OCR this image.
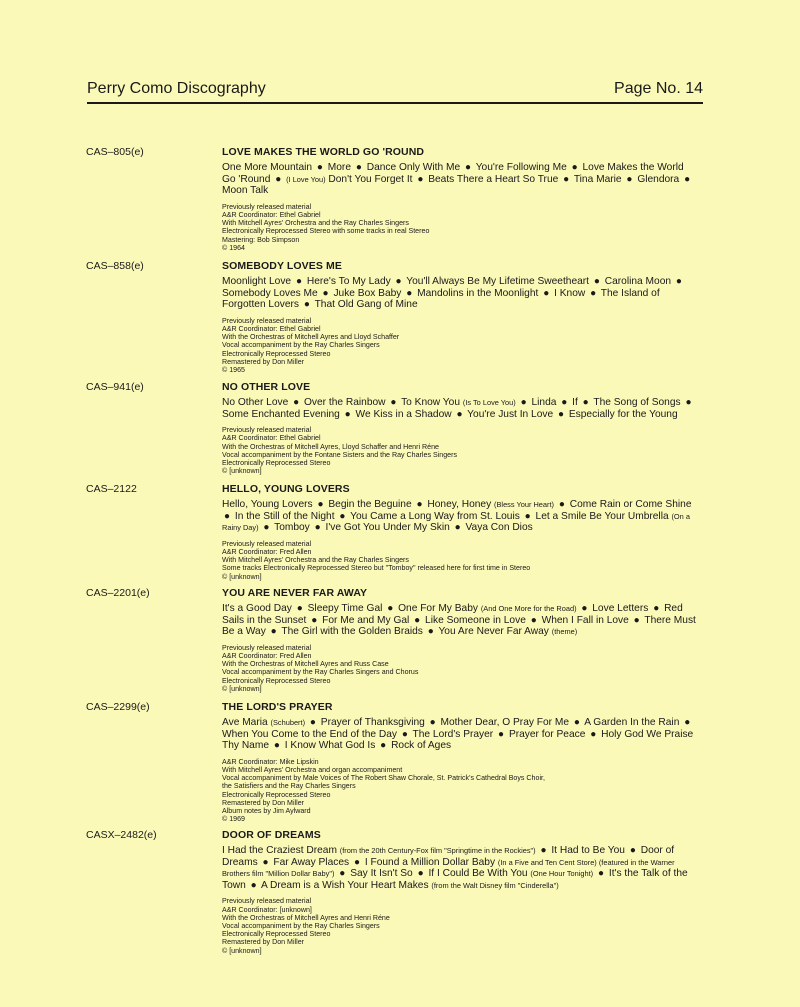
Perry Como Discography	Page No. 14
CAS–805(e)	LOVE MAKES THE WORLD GO 'ROUND
One More Mountain ● More ● Dance Only With Me ● You're Following Me ● Love Makes the World Go 'Round ● (I Love You) Don't You Forget It ● Beats There a Heart So True ● Tina Marie ● Glendora ● Moon Talk
Previously released material
A&R Coordinator: Ethel Gabriel
With Mitchell Ayres' Orchestra and the Ray Charles Singers
Electronically Reprocessed Stereo with some tracks in real Stereo
Mastering: Bob Simpson
© 1964
CAS–858(e)	SOMEBODY LOVES ME
Moonlight Love ● Here's To My Lady ● You'll Always Be My Lifetime Sweetheart ● Carolina Moon ● Somebody Loves Me ● Juke Box Baby ● Mandolins in the Moonlight ● I Know ● The Island of Forgotten Lovers ● That Old Gang of Mine
Previously released material
A&R Coordinator: Ethel Gabriel
With the Orchestras of Mitchell Ayres and Lloyd Schaffer
Vocal accompaniment by the Ray Charles Singers
Electronically Reprocessed Stereo
Remastered by Don Miller
© 1965
CAS–941(e)	NO OTHER LOVE
No Other Love ● Over the Rainbow ● To Know You (Is To Love You) ● Linda ● If ● The Song of Songs ● Some Enchanted Evening ● We Kiss in a Shadow ● You're Just In Love ● Especially for the Young
Previously released material
A&R Coordinator: Ethel Gabriel
With the Orchestras of Mitchell Ayres, Lloyd Schaffer and Henri Réne
Vocal accompaniment by the Fontane Sisters and the Ray Charles Singers
Electronically Reprocessed Stereo
© [unknown]
CAS–2122	HELLO, YOUNG LOVERS
Hello, Young Lovers ● Begin the Beguine ● Honey, Honey (Bless Your Heart) ● Come Rain or Come Shine ● In the Still of the Night ● You Came a Long Way from St. Louis ● Let a Smile Be Your Umbrella (On a Rainy Day) ● Tomboy ● I've Got You Under My Skin ● Vaya Con Dios
Previously released material
A&R Coordinator: Fred Allen
With Mitchell Ayres' Orchestra and the Ray Charles Singers
Some tracks Electronically Reprocessed Stereo but "Tomboy" released here for first time in Stereo
© [unknown]
CAS–2201(e)	YOU ARE NEVER FAR AWAY
It's a Good Day ● Sleepy Time Gal ● One For My Baby (And One More for the Road) ● Love Letters ● Red Sails in the Sunset ● For Me and My Gal ● Like Someone in Love ● When I Fall in Love ● There Must Be a Way ● The Girl with the Golden Braids ● You Are Never Far Away (theme)
Previously released material
A&R Coordinator: Fred Allen
With the Orchestras of Mitchell Ayres and Russ Case
Vocal accompaniment by the Ray Charles Singers and Chorus
Electronically Reprocessed Stereo
© [unknown]
CAS–2299(e)	THE LORD'S PRAYER
Ave Maria (Schubert) ● Prayer of Thanksgiving ● Mother Dear, O Pray For Me ● A Garden In the Rain ● When You Come to the End of the Day ● The Lord's Prayer ● Prayer for Peace ● Holy God We Praise Thy Name ● I Know What God Is ● Rock of Ages
A&R Coordinator: Mike Lipskin
With Mitchell Ayres' Orchestra and organ accompaniment
Vocal accompaniment by Male Voices of The Robert Shaw Chorale, St. Patrick's Cathedral Boys Choir,
the Satisfiers and the Ray Charles Singers
Electronically Reprocessed Stereo
Remastered by Don Miller
Album notes by Jim Aylward
© 1969
CASX–2482(e)	DOOR OF DREAMS
I Had the Craziest Dream (from the 20th Century-Fox film "Springtime in the Rockies") ● It Had to Be You ● Door of Dreams ● Far Away Places ● I Found a Million Dollar Baby (In a Five and Ten Cent Store) (featured in the Warner Brothers film "Million Dollar Baby") ● Say It Isn't So ● If I Could Be With You (One Hour Tonight) ● It's the Talk of the Town ● A Dream is a Wish Your Heart Makes (from the Walt Disney film "Cinderella")
Previously released material
A&R Coordinator: [unknown]
With the Orchestras of Mitchell Ayres and Henri Réne
Vocal accompaniment by the Ray Charles Singers
Electronically Reprocessed Stereo
Remastered by Don Miller
© [unknown]
